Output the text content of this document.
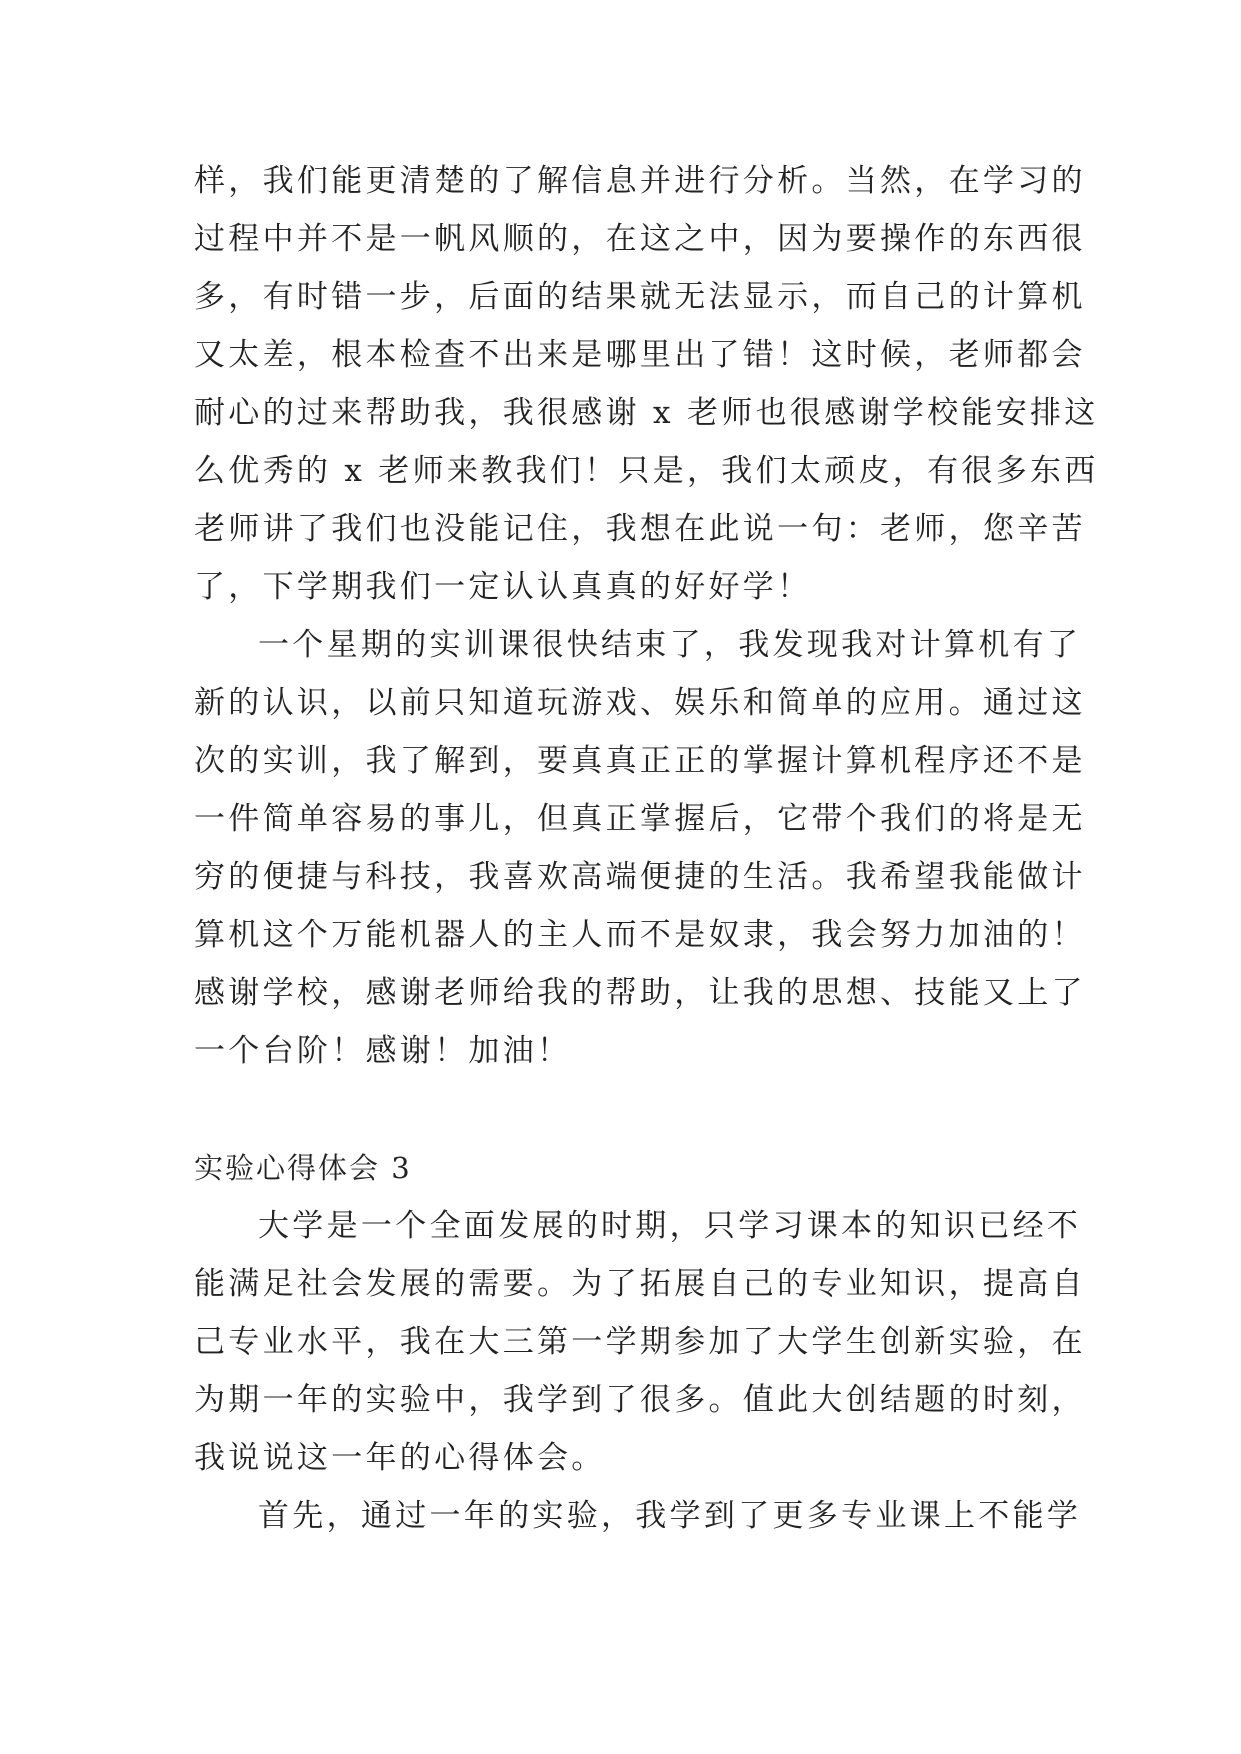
样，我们能更清楚的了解信息并进行分析。当然，在学习的
过程中并不是一帆风顺的，在这之中，因为要操作的东西很
多，有时错一步，后面的结果就无法显示，而自己的计算机
又太差，根本检查不出来是哪里出了错！这时候，老师都会
耐心的过来帮助我，我很感谢 x 老师也很感谢学校能安排这
么优秀的 x 老师来教我们！只是，我们太顽皮，有很多东西
老师讲了我们也没能记住，我想在此说一句：老师，您辛苦
了，下学期我们一定认认真真的好好学！
一个星期的实训课很快结束了，我发现我对计算机有了
新的认识，以前只知道玩游戏、娱乐和简单的应用。通过这
次的实训，我了解到，要真真正正的掌握计算机程序还不是
一件简单容易的事儿，但真正掌握后，它带个我们的将是无
穷的便捷与科技，我喜欢高端便捷的生活。我希望我能做计
算机这个万能机器人的主人而不是奴隶，我会努力加油的！
感谢学校，感谢老师给我的帮助，让我的思想、技能又上了
一个台阶！感谢！加油！
实验心得体会 3
大学是一个全面发展的时期，只学习课本的知识已经不
能满足社会发展的需要。为了拓展自己的专业知识，提高自
己专业水平，我在大三第一学期参加了大学生创新实验，在
为期一年的实验中，我学到了很多。值此大创结题的时刻，
我说说这一年的心得体会。
首先，通过一年的实验，我学到了更多专业课上不能学
